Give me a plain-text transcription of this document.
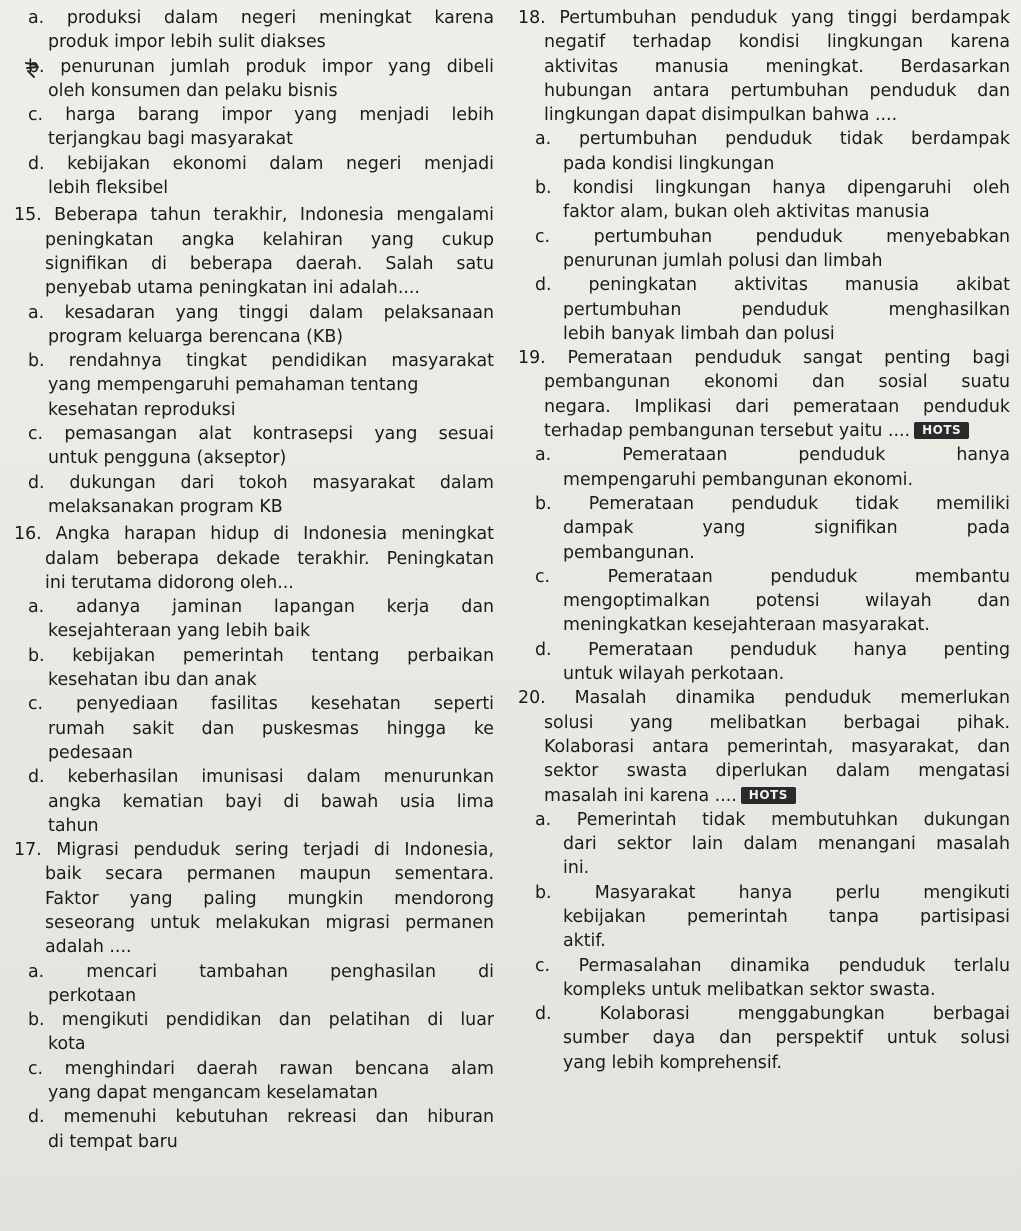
a. produksi dalam negeri meningkat karena
produk impor lebih sulit diakses
b. penurunan jumlah produk impor yang dibeli
oleh konsumen dan pelaku bisnis
c. harga barang impor yang menjadi lebih
terjangkau bagi masyarakat
d. kebijakan ekonomi dalam negeri menjadi
lebih fleksibel
15. Beberapa tahun terakhir, Indonesia mengalami
peningkatan angka kelahiran yang cukup
signifikan di beberapa daerah. Salah satu
penyebab utama peningkatan ini adalah....
a. kesadaran yang tinggi dalam pelaksanaan
program keluarga berencana (KB)
b. rendahnya tingkat pendidikan masyarakat
yang mempengaruhi pemahaman tentang
kesehatan reproduksi
c. pemasangan alat kontrasepsi yang sesuai
untuk pengguna (akseptor)
d. dukungan dari tokoh masyarakat dalam
melaksanakan program KB
16. Angka harapan hidup di Indonesia meningkat
dalam beberapa dekade terakhir. Peningkatan
ini terutama didorong oleh...
a. adanya jaminan lapangan kerja dan
kesejahteraan yang lebih baik
b. kebijakan pemerintah tentang perbaikan
kesehatan ibu dan anak
c. penyediaan fasilitas kesehatan seperti
rumah sakit dan puskesmas hingga ke
pedesaan
d. keberhasilan imunisasi dalam menurunkan
angka kematian bayi di bawah usia lima
tahun
17. Migrasi penduduk sering terjadi di Indonesia,
baik secara permanen maupun sementara.
Faktor yang paling mungkin mendorong
seseorang untuk melakukan migrasi permanen
adalah ....
a. mencari tambahan penghasilan di
perkotaan
b. mengikuti pendidikan dan pelatihan di luar
kota
c. menghindari daerah rawan bencana alam
yang dapat mengancam keselamatan
d. memenuhi kebutuhan rekreasi dan hiburan
di tempat baru
18. Pertumbuhan penduduk yang tinggi berdampak
negatif terhadap kondisi lingkungan karena
aktivitas manusia meningkat. Berdasarkan
hubungan antara pertumbuhan penduduk dan
lingkungan dapat disimpulkan bahwa ....
a. pertumbuhan penduduk tidak berdampak
pada kondisi lingkungan
b. kondisi lingkungan hanya dipengaruhi oleh
faktor alam, bukan oleh aktivitas manusia
c. pertumbuhan penduduk menyebabkan
penurunan jumlah polusi dan limbah
d. peningkatan aktivitas manusia akibat
pertumbuhan penduduk menghasilkan
lebih banyak limbah dan polusi
19. Pemerataan penduduk sangat penting bagi
pembangunan ekonomi dan sosial suatu
negara. Implikasi dari pemerataan penduduk
terhadap pembangunan tersebut yaitu .... HOTS
a. Pemerataan penduduk hanya
mempengaruhi pembangunan ekonomi.
b. Pemerataan penduduk tidak memiliki
dampak yang signifikan pada
pembangunan.
c. Pemerataan penduduk membantu
mengoptimalkan potensi wilayah dan
meningkatkan kesejahteraan masyarakat.
d. Pemerataan penduduk hanya penting
untuk wilayah perkotaan.
20. Masalah dinamika penduduk memerlukan
solusi yang melibatkan berbagai pihak.
Kolaborasi antara pemerintah, masyarakat, dan
sektor swasta diperlukan dalam mengatasi
masalah ini karena .... HOTS
a. Pemerintah tidak membutuhkan dukungan
dari sektor lain dalam menangani masalah
ini.
b. Masyarakat hanya perlu mengikuti
kebijakan pemerintah tanpa partisipasi
aktif.
c. Permasalahan dinamika penduduk terlalu
kompleks untuk melibatkan sektor swasta.
d. Kolaborasi menggabungkan berbagai
sumber daya dan perspektif untuk solusi
yang lebih komprehensif.
